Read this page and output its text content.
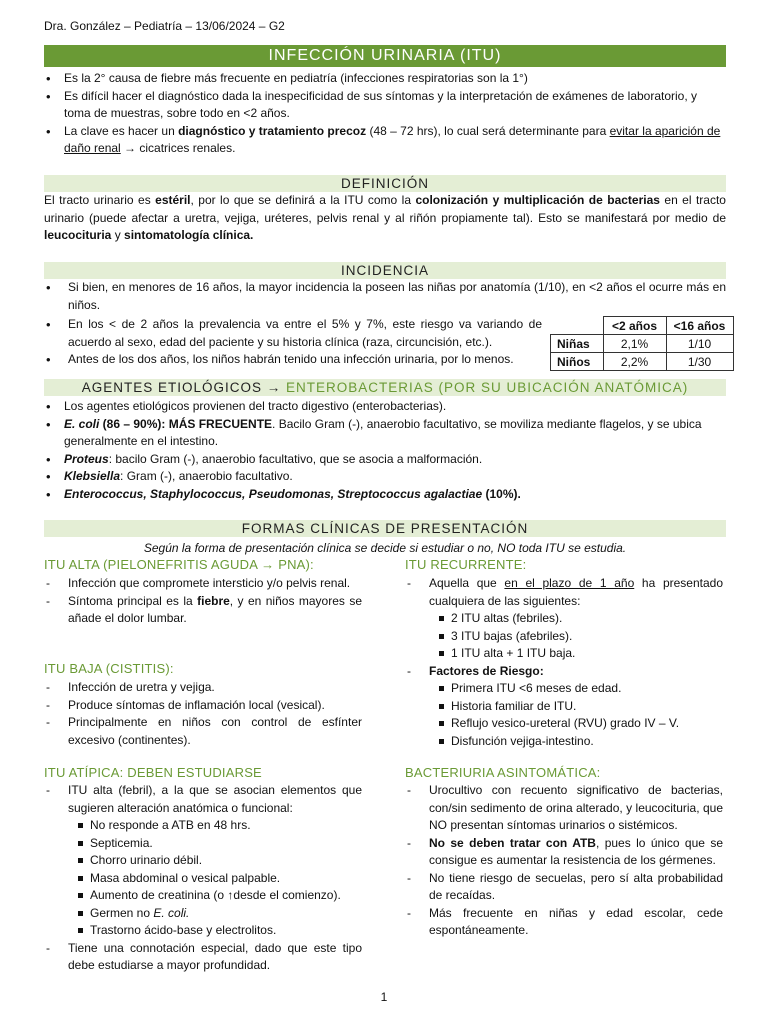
Dra. González – Pediatría – 13/06/2024 – G2
INFECCIÓN URINARIA (ITU)
• Es la 2° causa de fiebre más frecuente en pediatría (infecciones respiratorias son la 1°)
• Es difícil hacer el diagnóstico dada la inespecificidad de sus síntomas y la interpretación de exámenes de laboratorio, y toma de muestras, sobre todo en <2 años.
• La clave es hacer un diagnóstico y tratamiento precoz (48 – 72 hrs), lo cual será determinante para evitar la aparición de daño renal → cicatrices renales.
DEFINICIÓN
El tracto urinario es estéril, por lo que se definirá a la ITU como la colonización y multiplicación de bacterias en el tracto urinario (puede afectar a uretra, vejiga, uréteres, pelvis renal y al riñón propiamente tal). Esto se manifestará por medio de leucocituria y sintomatología clínica.
INCIDENCIA
• Si bien, en menores de 16 años, la mayor incidencia la poseen las niñas por anatomía (1/10), en <2 años el ocurre más en niños.
• En los < de 2 años la prevalencia va entre el 5% y 7%, este riesgo va variando de acuerdo al sexo, edad del paciente y su historia clínica (raza, circuncisión, etc.).
• Antes de los dos años, los niños habrán tenido una infección urinaria, por lo menos.
	<2 años	<16 años
Niñas	2,1%	1/10
Niños	2,2%	1/30
AGENTES ETIOLÓGICOS → ENTEROBACTERIAS (POR SU UBICACIÓN ANATÓMICA)
• Los agentes etiológicos provienen del tracto digestivo (enterobacterias).
• E. coli (86 – 90%): MÁS FRECUENTE. Bacilo Gram (-), anaerobio facultativo, se moviliza mediante flagelos, y se ubica generalmente en el intestino.
• Proteus: bacilo Gram (-), anaerobio facultativo, que se asocia a malformación.
• Klebsiella: Gram (-), anaerobio facultativo.
• Enterococcus, Staphylococcus, Pseudomonas, Streptococcus agalactiae (10%).
FORMAS CLÍNICAS DE PRESENTACIÓN
Según la forma de presentación clínica se decide si estudiar o no, NO toda ITU se estudia.
ITU ALTA (PIELONEFRITIS AGUDA → PNA):
- Infección que compromete intersticio y/o pelvis renal.
- Síntoma principal es la fiebre, y en niños mayores se añade el dolor lumbar.
ITU BAJA (CISTITIS):
- Infección de uretra y vejiga.
- Produce síntomas de inflamación local (vesical).
- Principalmente en niños con control de esfínter excesivo (continentes).
ITU ATÍPICA: DEBEN ESTUDIARSE
- ITU alta (febril), a la que se asocian elementos que sugieren alteración anatómica o funcional:
No responde a ATB en 48 hrs.
Septicemia.
Chorro urinario débil.
Masa abdominal o vesical palpable.
Aumento de creatinina (o ↑desde el comienzo).
Germen no E. coli.
Trastorno ácido-base y electrolitos.
- Tiene una connotación especial, dado que este tipo debe estudiarse a mayor profundidad.
ITU RECURRENTE:
- Aquella que en el plazo de 1 año ha presentado cualquiera de las siguientes:
2 ITU altas (febriles).
3 ITU bajas (afebriles).
1 ITU alta + 1 ITU baja.
- Factores de Riesgo:
Primera ITU <6 meses de edad.
Historia familiar de ITU.
Reflujo vesico-ureteral (RVU) grado IV – V.
Disfunción vejiga-intestino.
BACTERIURIA ASINTOMÁTICA:
- Urocultivo con recuento significativo de bacterias, con/sin sedimento de orina alterado, y leucocituria, que NO presentan síntomas urinarios o sistémicos.
- No se deben tratar con ATB, pues lo único que se consigue es aumentar la resistencia de los gérmenes.
- No tiene riesgo de secuelas, pero sí alta probabilidad de recaídas.
- Más frecuente en niñas y edad escolar, cede espontáneamente.
1
